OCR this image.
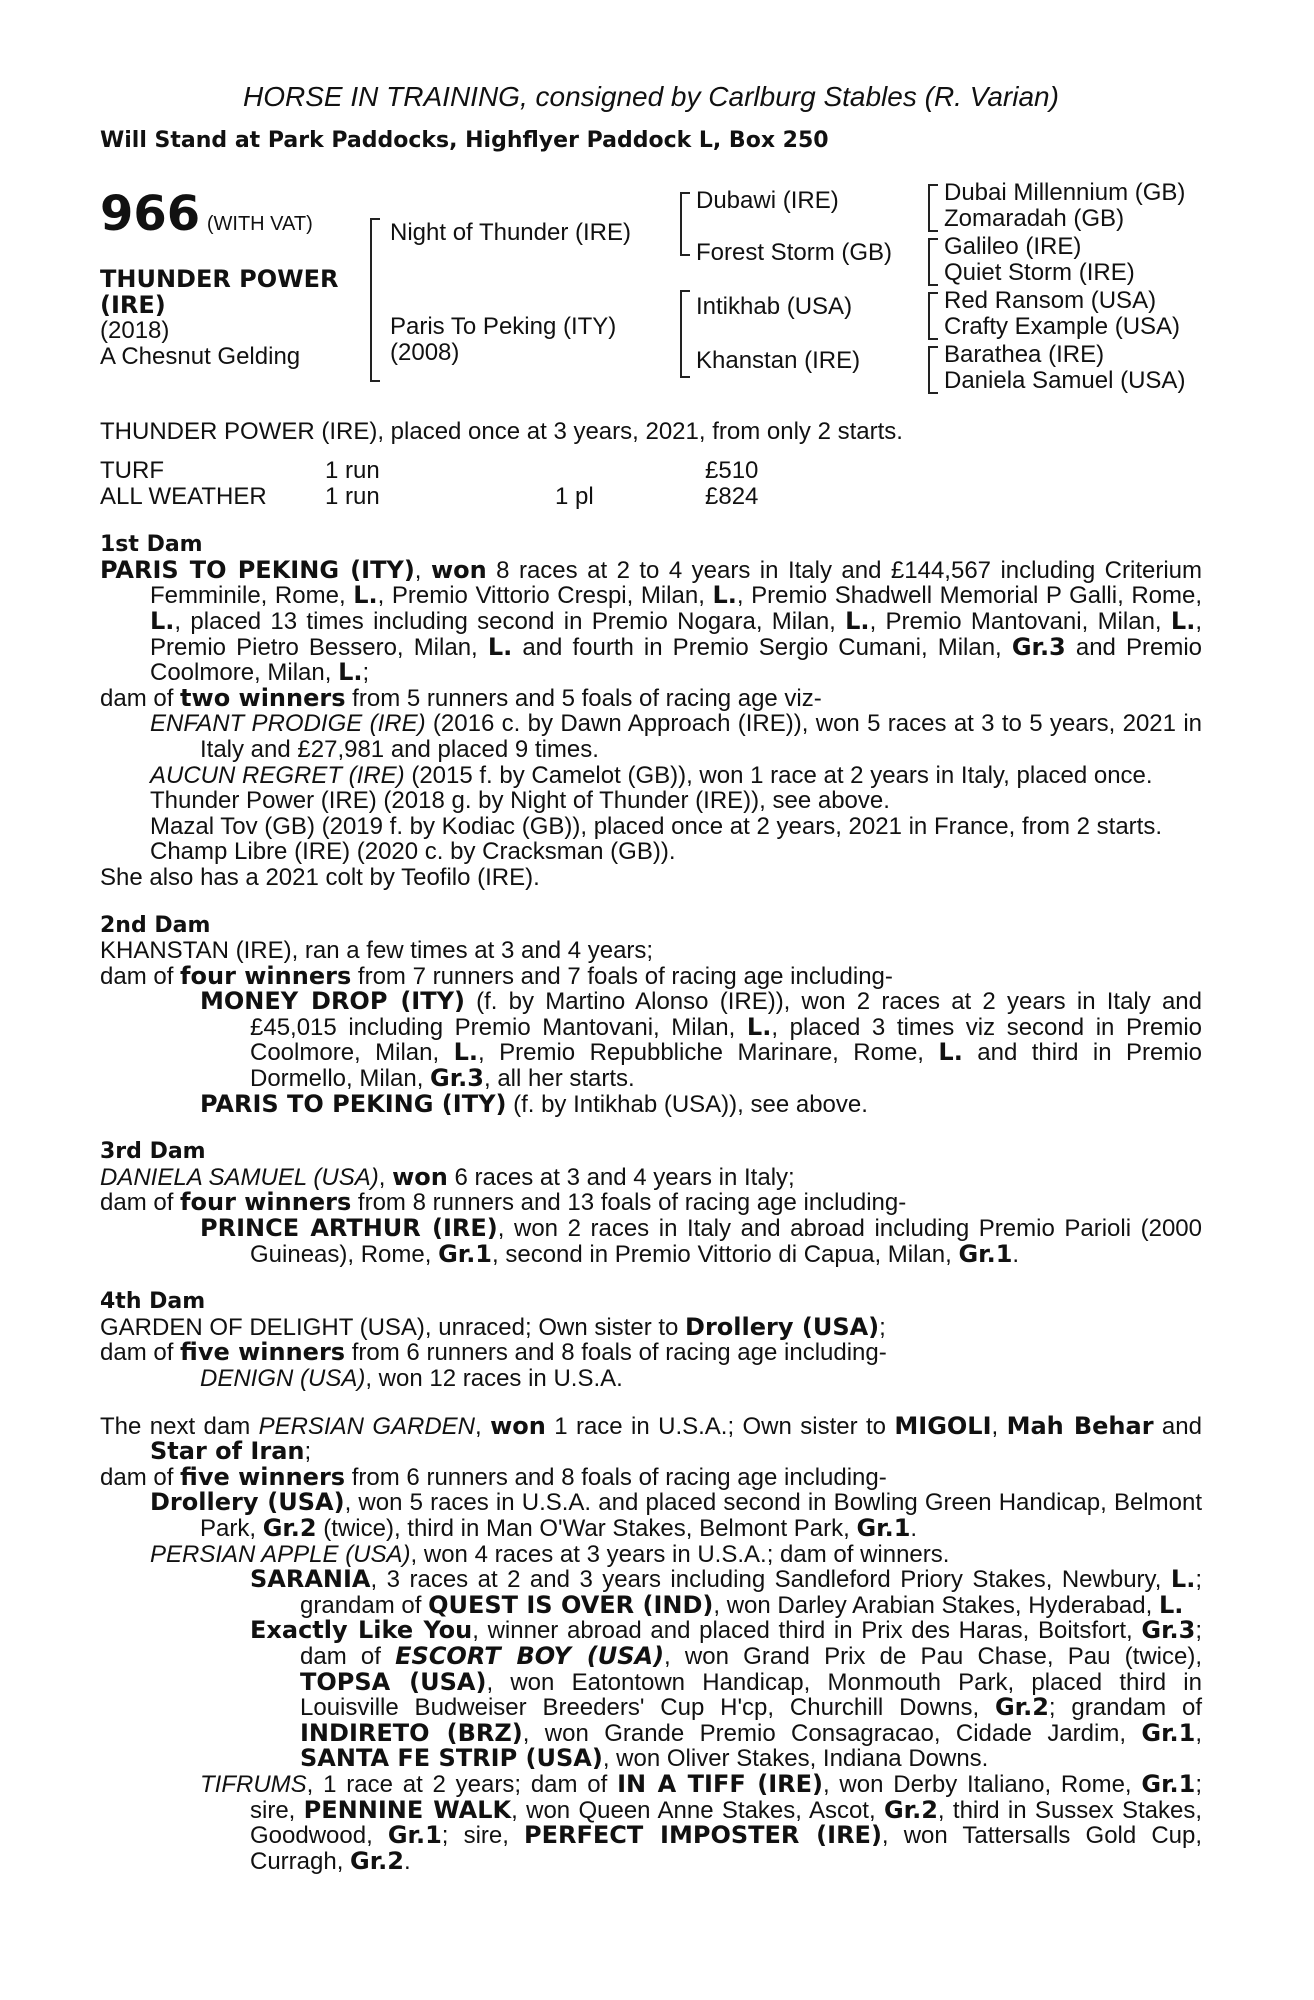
HORSE IN TRAINING, consigned by Carlburg Stables (R. Varian)
Will Stand at Park Paddocks, Highflyer Paddock L, Box 250
966 (WITH VAT)
THUNDER POWER
(IRE)
(2018)
A Chesnut Gelding
Night of Thunder (IRE)
Paris To Peking (ITY)
(2008)
Dubawi (IRE)
Forest Storm (GB)
Intikhab (USA)
Khanstan (IRE)
Dubai Millennium (GB)
Zomaradah (GB)
Galileo (IRE)
Quiet Storm (IRE)
Red Ransom (USA)
Crafty Example (USA)
Barathea (IRE)
Daniela Samuel (USA)

THUNDER POWER (IRE), placed once at 3 years, 2021, from only 2 starts.

TURF	1 run		£510
ALL WEATHER	1 run	1 pl	£824
1st Dam

PARIS TO PEKING (ITY), won 8 races at 2 to 4 years in Italy and £144,567 including Criterium Femminile, Rome, L., Premio Vittorio Crespi, Milan, L., Premio Shadwell Memorial P Galli, Rome, L., placed 13 times including second in Premio Nogara, Milan, L., Premio Mantovani, Milan, L., Premio Pietro Bessero, Milan, L. and fourth in Premio Sergio Cumani, Milan, Gr.3 and Premio Coolmore, Milan, L.;

dam of two winners from 5 runners and 5 foals of racing age viz-

ENFANT PRODIGE (IRE) (2016 c. by Dawn Approach (IRE)), won 5 races at 3 to 5 years, 2021 in Italy and £27,981 and placed 9 times.

AUCUN REGRET (IRE) (2015 f. by Camelot (GB)), won 1 race at 2 years in Italy, placed once.

Thunder Power (IRE) (2018 g. by Night of Thunder (IRE)), see above.

Mazal Tov (GB) (2019 f. by Kodiac (GB)), placed once at 2 years, 2021 in France, from 2 starts.

Champ Libre (IRE) (2020 c. by Cracksman (GB)).

She also has a 2021 colt by Teofilo (IRE).

2nd Dam

KHANSTAN (IRE), ran a few times at 3 and 4 years;

dam of four winners from 7 runners and 7 foals of racing age including-

MONEY DROP (ITY) (f. by Martino Alonso (IRE)), won 2 races at 2 years in Italy and £45,015 including Premio Mantovani, Milan, L., placed 3 times viz second in Premio Coolmore, Milan, L., Premio Repubbliche Marinare, Rome, L. and third in Premio Dormello, Milan, Gr.3, all her starts.

PARIS TO PEKING (ITY) (f. by Intikhab (USA)), see above.

3rd Dam

DANIELA SAMUEL (USA), won 6 races at 3 and 4 years in Italy;

dam of four winners from 8 runners and 13 foals of racing age including-

PRINCE ARTHUR (IRE), won 2 races in Italy and abroad including Premio Parioli (2000 Guineas), Rome, Gr.1, second in Premio Vittorio di Capua, Milan, Gr.1.

4th Dam

GARDEN OF DELIGHT (USA), unraced; Own sister to Drollery (USA);

dam of five winners from 6 runners and 8 foals of racing age including-

DENIGN (USA), won 12 races in U.S.A.

The next dam PERSIAN GARDEN, won 1 race in U.S.A.; Own sister to MIGOLI, Mah Behar and Star of Iran;

dam of five winners from 6 runners and 8 foals of racing age including-

Drollery (USA), won 5 races in U.S.A. and placed second in Bowling Green Handicap, Belmont Park, Gr.2 (twice), third in Man O'War Stakes, Belmont Park, Gr.1.

PERSIAN APPLE (USA), won 4 races at 3 years in U.S.A.; dam of winners.

SARANIA, 3 races at 2 and 3 years including Sandleford Priory Stakes, Newbury, L.; grandam of QUEST IS OVER (IND), won Darley Arabian Stakes, Hyderabad, L.

Exactly Like You, winner abroad and placed third in Prix des Haras, Boitsfort, Gr.3; dam of ESCORT BOY (USA), won Grand Prix de Pau Chase, Pau (twice), TOPSA (USA), won Eatontown Handicap, Monmouth Park, placed third in Louisville Budweiser Breeders' Cup H'cp, Churchill Downs, Gr.2; grandam of INDIRETO (BRZ), won Grande Premio Consagracao, Cidade Jardim, Gr.1, SANTA FE STRIP (USA), won Oliver Stakes, Indiana Downs.

TIFRUMS, 1 race at 2 years; dam of IN A TIFF (IRE), won Derby Italiano, Rome, Gr.1; sire, PENNINE WALK, won Queen Anne Stakes, Ascot, Gr.2, third in Sussex Stakes, Goodwood, Gr.1; sire, PERFECT IMPOSTER (IRE), won Tattersalls Gold Cup, Curragh, Gr.2.
